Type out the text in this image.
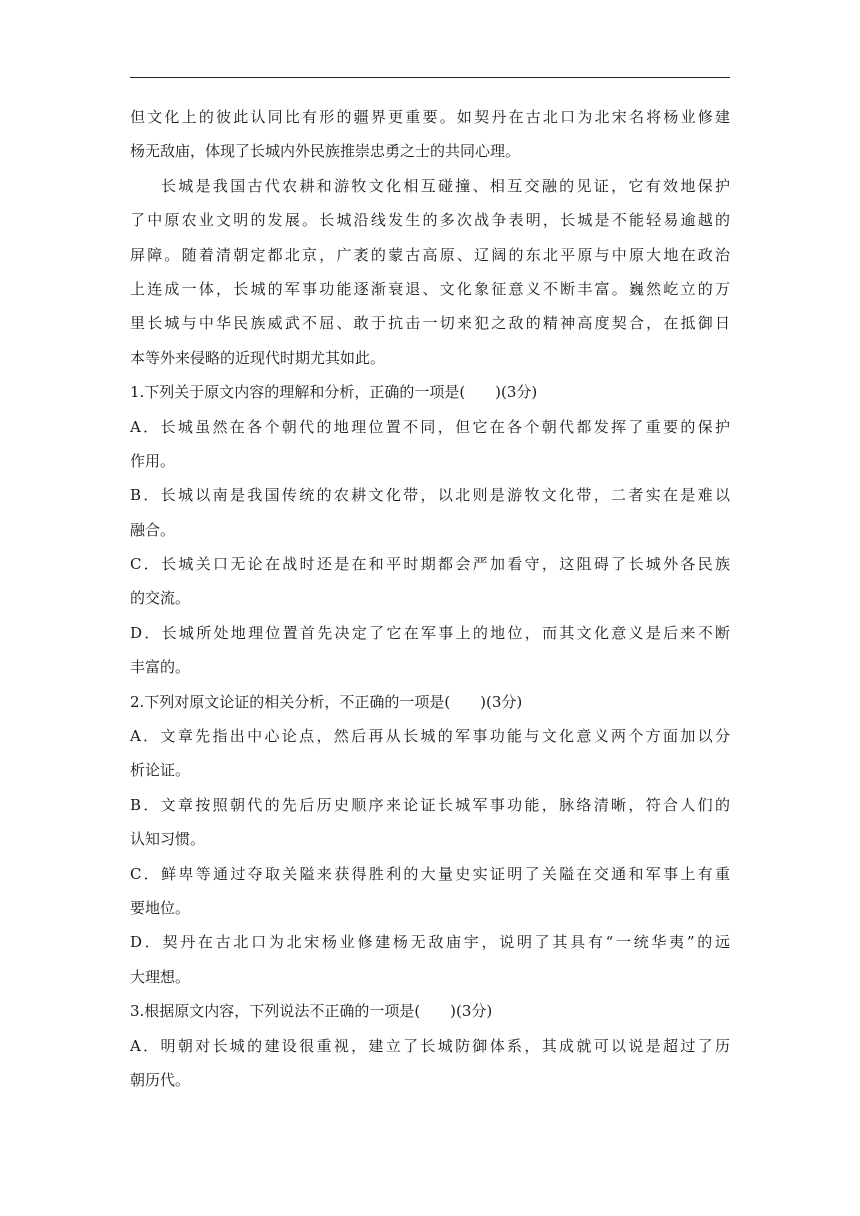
但文化上的彼此认同比有形的疆界更重要。如契丹在古北口为北宋名将杨业修建
杨无敌庙，体现了长城内外民族推崇忠勇之士的共同心理。
长城是我国古代农耕和游牧文化相互碰撞、相互交融的见证，它有效地保护
了中原农业文明的发展。长城沿线发生的多次战争表明，长城是不能轻易逾越的
屏障。随着清朝定都北京，广袤的蒙古高原、辽阔的东北平原与中原大地在政治
上连成一体，长城的军事功能逐渐衰退、文化象征意义不断丰富。巍然屹立的万
里长城与中华民族威武不屈、敢于抗击一切来犯之敌的精神高度契合，在抵御日
本等外来侵略的近现代时期尤其如此。
1.下列关于原文内容的理解和分析，正确的一项是(　　)(3分)
A．长城虽然在各个朝代的地理位置不同，但它在各个朝代都发挥了重要的保护
作用。
B．长城以南是我国传统的农耕文化带，以北则是游牧文化带，二者实在是难以
融合。
C．长城关口无论在战时还是在和平时期都会严加看守，这阻碍了长城外各民族
的交流。
D．长城所处地理位置首先决定了它在军事上的地位，而其文化意义是后来不断
丰富的。
2.下列对原文论证的相关分析，不正确的一项是(　　)(3分)
A．文章先指出中心论点，然后再从长城的军事功能与文化意义两个方面加以分
析论证。
B．文章按照朝代的先后历史顺序来论证长城军事功能，脉络清晰，符合人们的
认知习惯。
C．鲜卑等通过夺取关隘来获得胜利的大量史实证明了关隘在交通和军事上有重
要地位。
D．契丹在古北口为北宋杨业修建杨无敌庙宇，说明了其具有“一统华夷”的远
大理想。
3.根据原文内容，下列说法不正确的一项是(　　)(3分)
A．明朝对长城的建设很重视，建立了长城防御体系，其成就可以说是超过了历
朝历代。
